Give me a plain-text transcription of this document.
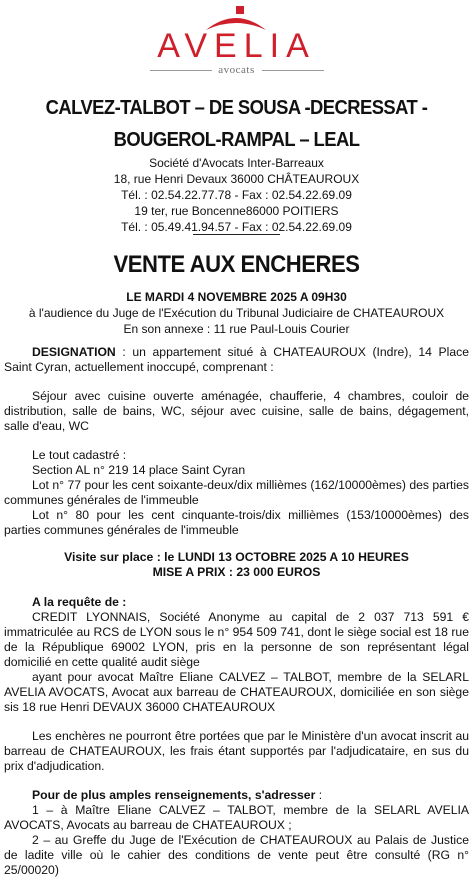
AVELIA
avocats
CALVEZ-TALBOT – DE SOUSA -DECRESSAT -
BOUGEROL-RAMPAL – LEAL
Société d'Avocats Inter-Barreaux
18, rue Henri Devaux 36000 CHÂTEAUROUX
Tél. : 02.54.22.77.78 - Fax : 02.54.22.69.09
19 ter, rue Boncenne86000 POITIERS
Tél. : 05.49.41.94.57 - Fax : 02.54.22.69.09
VENTE AUX ENCHERES
LE MARDI 4 NOVEMBRE 2025 A 09H30
à l'audience du Juge de l'Exécution du Tribunal Judiciaire de CHATEAUROUX
En son annexe : 11 rue Paul-Louis Courier

DESIGNATION : un appartement situé à CHATEAUROUX (Indre), 14 Place Saint Cyran, actuellement inoccupé, comprenant :

Séjour avec cuisine ouverte aménagée, chaufferie, 4 chambres, couloir de distribution, salle de bains, WC, séjour avec cuisine, salle de bains, dégagement, salle d'eau, WC

Le tout cadastré :

Section AL n° 219 14 place Saint Cyran

Lot n° 77 pour les cent soixante-deux/dix millièmes (162/10000èmes) des parties communes générales de l'immeuble

Lot n° 80 pour les cent cinquante-trois/dix millièmes (153/10000èmes) des parties communes générales de l'immeuble

Visite sur place : le LUNDI 13 OCTOBRE 2025 A 10 HEURES

MISE A PRIX : 23 000 EUROS

A la requête de :

CREDIT LYONNAIS, Société Anonyme au capital de 2 037 713 591 € immatriculée au RCS de LYON sous le n° 954 509 741, dont le siège social est 18 rue de la République 69002 LYON, pris en la personne de son représentant légal domicilié en cette qualité audit siège

ayant pour avocat Maître Eliane CALVEZ – TALBOT, membre de la SELARL AVELIA AVOCATS, Avocat aux barreau de CHATEAUROUX, domiciliée en son siège sis 18 rue Henri DEVAUX 36000 CHATEAUROUX

Les enchères ne pourront être portées que par le Ministère d'un avocat inscrit au barreau de CHATEAUROUX, les frais étant supportés par l'adjudicataire, en sus du prix d'adjudication.

Pour de plus amples renseignements, s'adresser :

1 – à Maître Eliane CALVEZ – TALBOT, membre de la SELARL AVELIA AVOCATS, Avocats au barreau de CHATEAUROUX ;

2 – au Greffe du Juge de l'Exécution de CHATEAUROUX au Palais de Justice de ladite ville où le cahier des conditions de vente peut être consulté (RG n° 25/00020)
